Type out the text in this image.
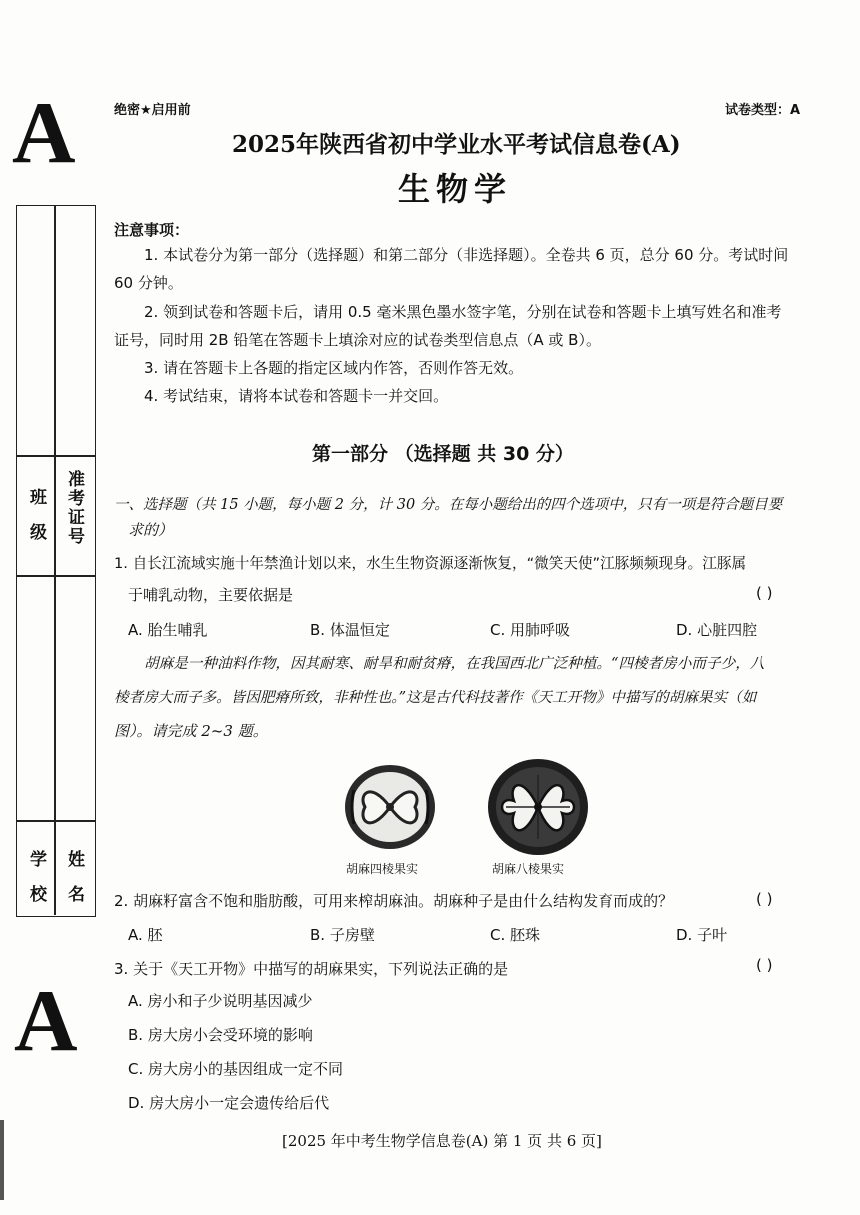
A
A
班 级 准考证号
学 校 姓 名
绝密★启用前	试卷类型：A
2025年陕西省初中学业水平考试信息卷(A)
生物学
注意事项：
1. 本试卷分为第一部分（选择题）和第二部分（非选择题）。全卷共 6 页，总分 60 分。考试时间
60 分钟。
2. 领到试卷和答题卡后，请用 0.5 毫米黑色墨水签字笔，分别在试卷和答题卡上填写姓名和准考
证号，同时用 2B 铅笔在答题卡上填涂对应的试卷类型信息点（A 或 B）。
3. 请在答题卡上各题的指定区域内作答，否则作答无效。
4. 考试结束，请将本试卷和答题卡一并交回。
第一部分 （选择题 共 30 分）
一、选择题（共 15 小题，每小题 2 分，计 30 分。在每小题给出的四个选项中，只有一项是符合题目要
求的）
1. 自长江流域实施十年禁渔计划以来，水生生物资源逐渐恢复，“微笑天使”江豚频频现身。江豚属
于哺乳动物，主要依据是	( )
A. 胎生哺乳	B. 体温恒定	C. 用肺呼吸	D. 心脏四腔
胡麻是一种油料作物，因其耐寒、耐旱和耐贫瘠，在我国西北广泛种植。“四棱者房小而子少，八
棱者房大而子多。皆因肥瘠所致，非种性也。”这是古代科技著作《天工开物》中描写的胡麻果实（如
图）。请完成 2~3 题。
胡麻四棱果实	胡麻八棱果实
2. 胡麻籽富含不饱和脂肪酸，可用来榨胡麻油。胡麻种子是由什么结构发育而成的？	( )
A. 胚	B. 子房壁	C. 胚珠	D. 子叶
3. 关于《天工开物》中描写的胡麻果实，下列说法正确的是	( )
A. 房小和子少说明基因减少
B. 房大房小会受环境的影响
C. 房大房小的基因组成一定不同
D. 房大房小一定会遗传给后代
[2025 年中考生物学信息卷(A) 第 1 页 共 6 页]
